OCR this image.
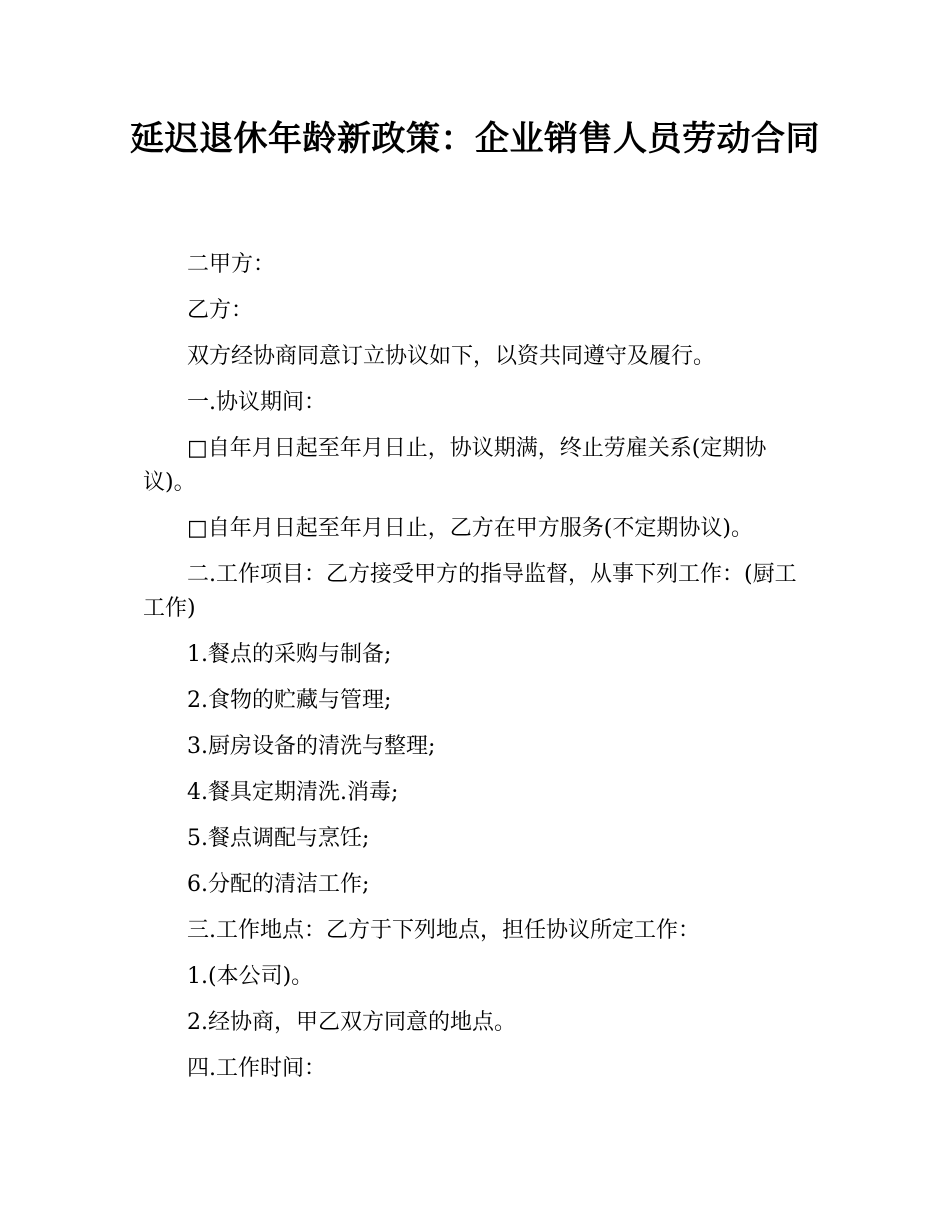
延迟退休年龄新政策：企业销售人员劳动合同

二甲方：

乙方：

双方经协商同意订立协议如下，以资共同遵守及履行。

一.协议期间：

□自年月日起至年月日止，协议期满，终止劳雇关系(定期协议)。

□自年月日起至年月日止，乙方在甲方服务(不定期协议)。

二.工作项目：乙方接受甲方的指导监督，从事下列工作：(厨工工作)

1.餐点的采购与制备;

2.食物的贮藏与管理;

3.厨房设备的清洗与整理;

4.餐具定期清洗.消毒;

5.餐点调配与烹饪;

6.分配的清洁工作;

三.工作地点：乙方于下列地点，担任协议所定工作：

1.(本公司)。

2.经协商，甲乙双方同意的地点。

四.工作时间：
